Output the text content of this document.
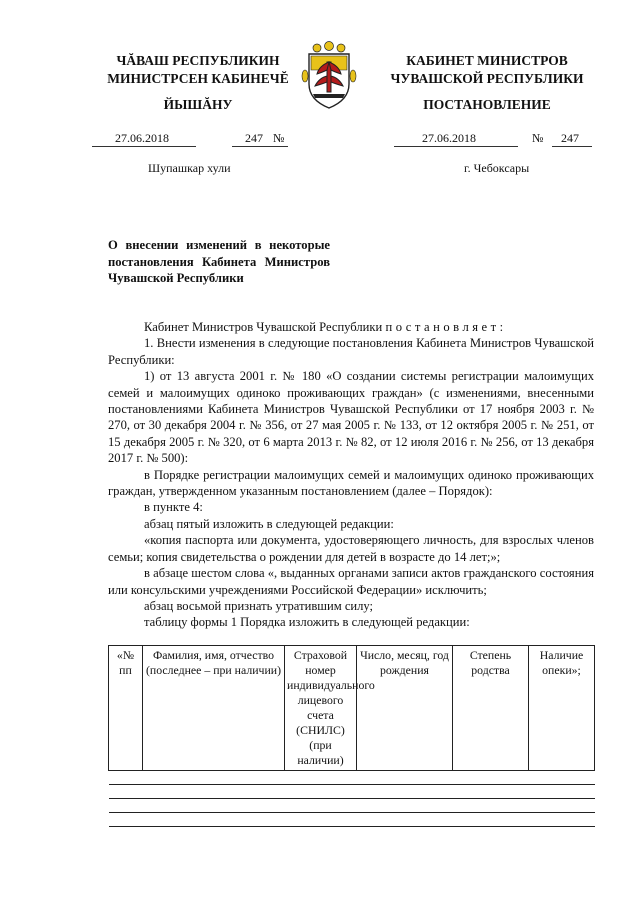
ЧĂВАШ РЕСПУБЛИКИН
МИНИСТРСЕН КАБИНЕЧĔ
ЙЫШĂНУ
27.06.2018	247 №
Шупашкар хули
КАБИНЕТ МИНИСТРОВ
ЧУВАШСКОЙ РЕСПУБЛИКИ
ПОСТАНОВЛЕНИЕ
27.06.2018	№	247
г. Чебоксары
О внесении изменений в некоторые постановления Кабинета Министров Чувашской Республики

Кабинет Министров Чувашской Республики постановляет:

1. Внести изменения в следующие постановления Кабинета Министров Чувашской Республики:

1) от 13 августа 2001 г. № 180 «О создании системы регистрации малоимущих семей и малоимущих одиноко проживающих граждан» (с изменениями, внесенными постановлениями Кабинета Министров Чувашской Республики от 17 ноября 2003 г. № 270, от 30 декабря 2004 г. № 356, от 27 мая 2005 г. № 133, от 12 октября 2005 г. № 251, от 15 декабря 2005 г. № 320, от 6 марта 2013 г. № 82, от 12 июля 2016 г. № 256, от 13 декабря 2017 г. № 500):

в Порядке регистрации малоимущих семей и малоимущих одиноко проживающих граждан, утвержденном указанным постановлением (далее – Порядок):

в пункте 4:

абзац пятый изложить в следующей редакции:

«копия паспорта или документа, удостоверяющего личность, для взрослых членов семьи; копия свидетельства о рождении для детей в возрасте до 14 лет;»;

в абзаце шестом слова «, выданных органами записи актов гражданского состояния или консульскими учреждениями Российской Федерации» исключить;

абзац восьмой признать утратившим силу;

таблицу формы 1 Порядка изложить в следующей редакции:

«№ пп	Фамилия, имя, отчество (последнее – при наличии)	Страховой номер индивидуального лицевого счета (СНИЛС) (при наличии)	Число, месяц, год рождения	Степень родства	Наличие опеки»;
